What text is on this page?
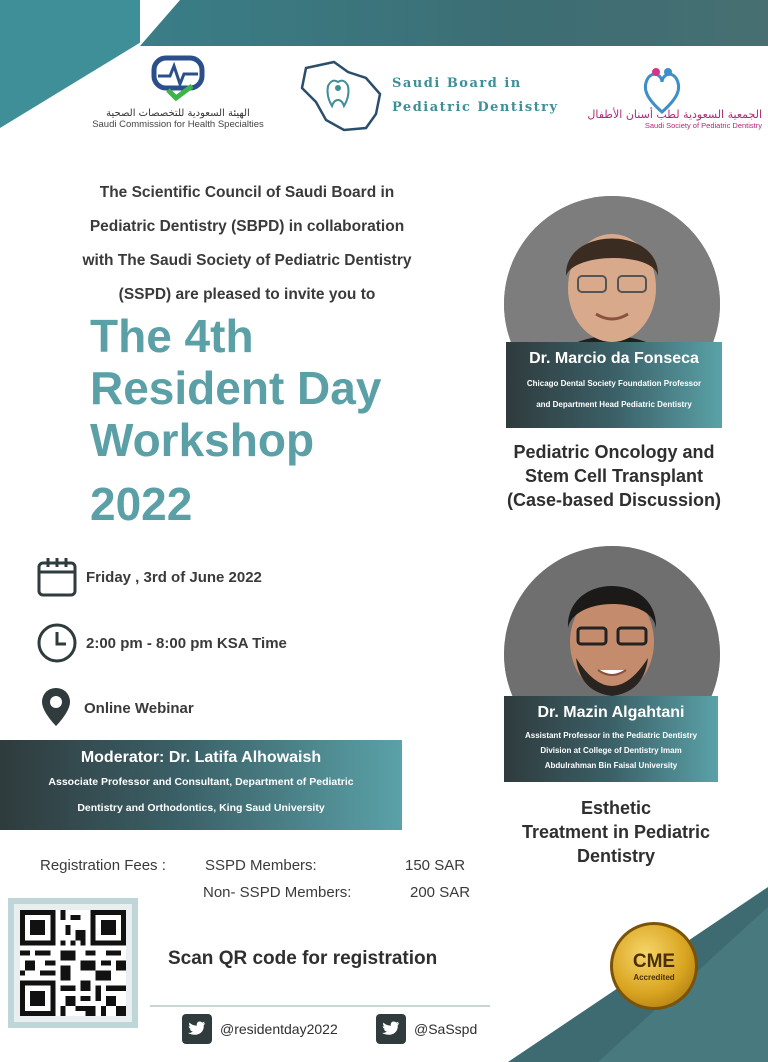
الهيئة السعودية للتخصصات الصحية
Saudi Commission for Health Specialties
Saudi Board in
Pediatric Dentistry	الجمعية السعودية لطب أسنان الأطفال
Saudi Society of Pediatric Dentistry
The Scientific Council of Saudi Board in
Pediatric Dentistry (SBPD) in collaboration
with The Saudi Society of Pediatric Dentistry
(SSPD) are pleased to invite you to
The 4th
Resident Day
Workshop
2022
Friday , 3rd of June 2022
2:00 pm - 8:00 pm KSA Time
Online Webinar
Moderator: Dr. Latifa Alhowaish
Associate Professor and Consultant, Department of Pediatric
Dentistry and Orthodontics, King Saud University
Registration Fees :	SSPD Members:	150 SAR
Non- SSPD Members:	200 SAR
Scan QR code for registration
@residentday2022	@SaSspd
Dr. Marcio da Fonseca
Chicago Dental Society Foundation Professor
and Department Head Pediatric Dentistry
Pediatric Oncology and
Stem Cell Transplant
(Case-based Discussion)
Dr. Mazin Algahtani
Assistant Professor in the Pediatric Dentistry
Division at College of Dentistry Imam
Abdulrahman Bin Faisal University
Esthetic
Treatment in Pediatric
Dentistry
CME
Accredited
